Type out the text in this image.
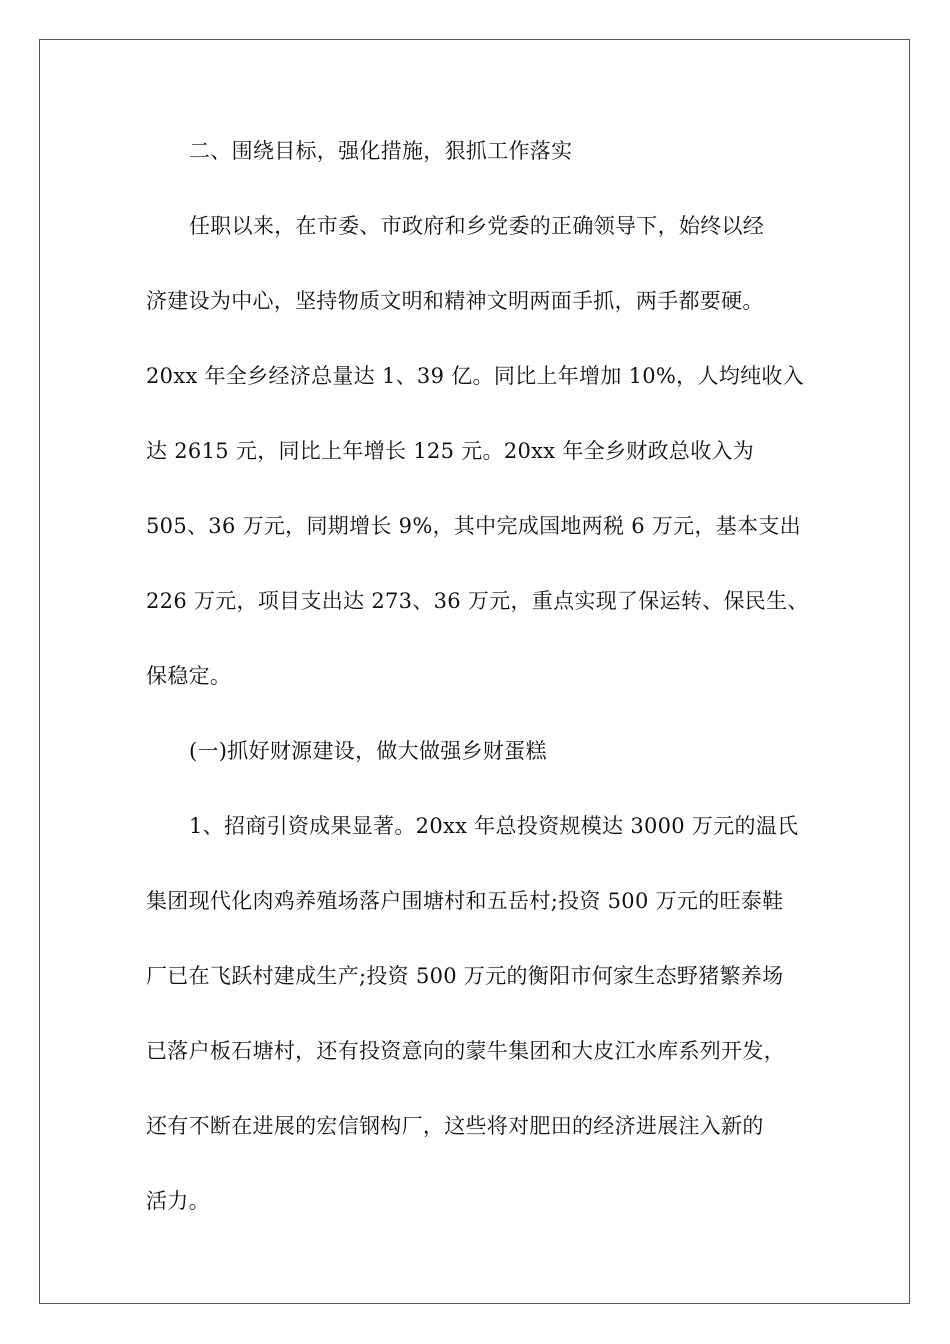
二、围绕目标，强化措施，狠抓工作落实
任职以来，在市委、市政府和乡党委的正确领导下，始终以经
济建设为中心，坚持物质文明和精神文明两面手抓，两手都要硬。
20xx 年全乡经济总量达 1、39 亿。同比上年增加 10%，人均纯收入
达 2615 元，同比上年增长 125 元。20xx 年全乡财政总收入为
505、36 万元，同期增长 9%，其中完成国地两税 6 万元，基本支出
226 万元，项目支出达 273、36 万元，重点实现了保运转、保民生、
保稳定。
(一)抓好财源建设，做大做强乡财蛋糕
1、招商引资成果显著。20xx 年总投资规模达 3000 万元的温氏
集团现代化肉鸡养殖场落户围塘村和五岳村;投资 500 万元的旺泰鞋
厂已在飞跃村建成生产;投资 500 万元的衡阳市何家生态野猪繁养场
已落户板石塘村，还有投资意向的蒙牛集团和大皮江水库系列开发，
还有不断在进展的宏信钢构厂，这些将对肥田的经济进展注入新的
活力。
